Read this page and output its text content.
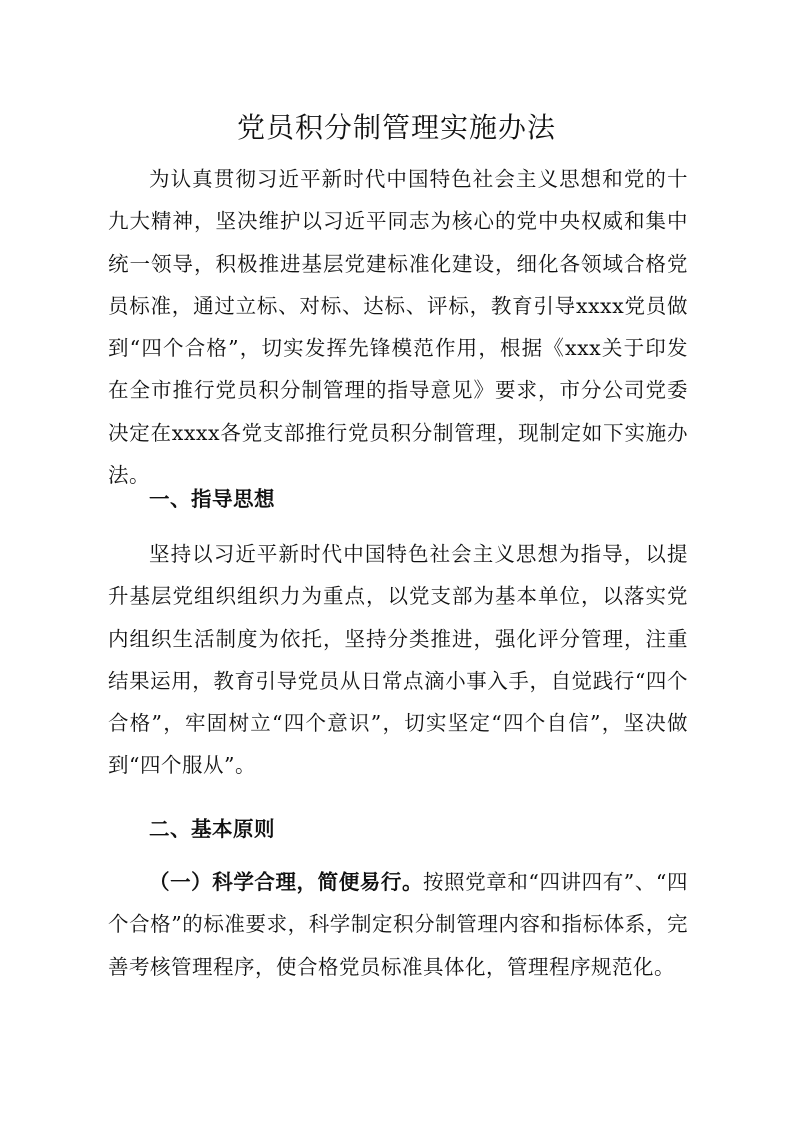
党员积分制管理实施办法

为认真贯彻习近平新时代中国特色社会主义思想和党的十九大精神，坚决维护以习近平同志为核心的党中央权威和集中统一领导，积极推进基层党建标准化建设，细化各领域合格党员标准，通过立标、对标、达标、评标，教育引导xxxx党员做到“四个合格”，切实发挥先锋模范作用，根据《xxx关于印发在全市推行党员积分制管理的指导意见》要求，市分公司党委决定在xxxx各党支部推行党员积分制管理，现制定如下实施办法。

一、指导思想

坚持以习近平新时代中国特色社会主义思想为指导，以提升基层党组织组织力为重点，以党支部为基本单位，以落实党内组织生活制度为依托，坚持分类推进，强化评分管理，注重结果运用，教育引导党员从日常点滴小事入手，自觉践行“四个合格”，牢固树立“四个意识”，切实坚定“四个自信”，坚决做到“四个服从”。

二、基本原则

（一）科学合理，简便易行。按照党章和“四讲四有”、“四个合格”的标准要求，科学制定积分制管理内容和指标体系，完善考核管理程序，使合格党员标准具体化，管理程序规范化。
